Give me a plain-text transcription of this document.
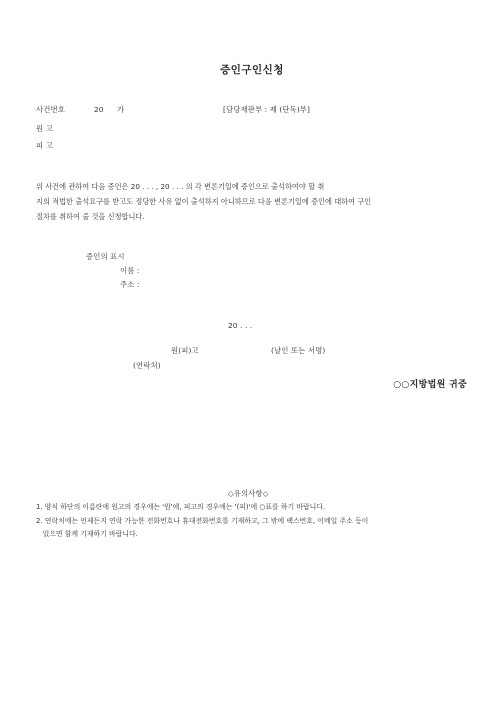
증인구인신청
사건번호	20 가	[담당재판부 : 제 (단독)부]
원 고
피 고
위 사건에 관하여 다음 증인은 20 . . . , 20 . . . 의 각 변론기일에 증인으로 출석하여야 할 취
지의 적법한 출석요구를 받고도 정당한 사유 없이 출석하지 아니하므로 다음 변론기일에 증인에 대하여 구인
절차를 취하여 줄 것을 신청합니다.
증인의 표시
이름 :
주소 :
20 . . .
원(피)고	(날인 또는 서명)
(연락처)
○○지방법원 귀중
◇유의사항◇
1. 양식 하단의 이름란에 원고의 경우에는 '원'에, 피고의 경우에는 '(피)'에 ○표를 하기 바랍니다.
2. 연락처에는 언제든지 연락 가능한 전화번호나 휴대전화번호를 기재하고, 그 밖에 팩스번호, 이메일 주소 등이
있으면 함께 기재하기 바랍니다.
